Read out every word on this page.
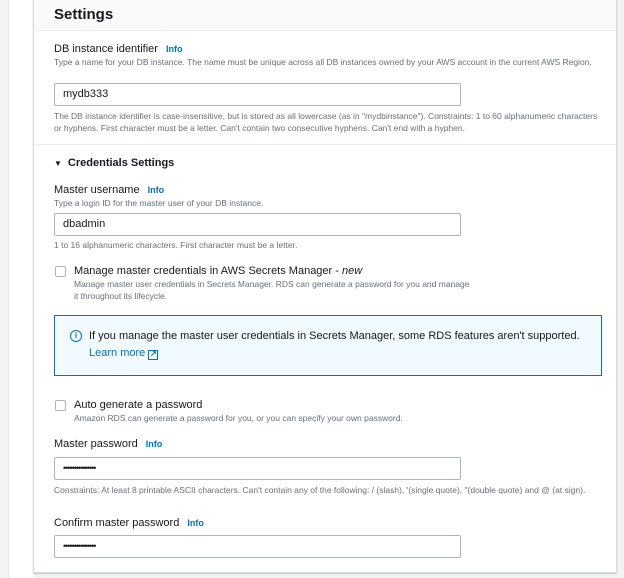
Settings
DB instance identifier Info
Type a name for your DB instance. The name must be unique across all DB instances owned by your AWS account in the current AWS Region.
mydb333
The DB instance identifier is case-insensitive, but is stored as all lowercase (as in "mydbinstance"). Constraints: 1 to 60 alphanumeric characters or hyphens. First character must be a letter. Can't contain two consecutive hyphens. Can't end with a hyphen.
▼ Credentials Settings
Master username Info
Type a login ID for the master user of your DB instance.
dbadmin
1 to 16 alphanumeric characters. First character must be a letter.
Manage master credentials in AWS Secrets Manager - new
Manage master user credentials in Secrets Manager. RDS can generate a password for you and manage it throughout its lifecycle.
i	If you manage the master user credentials in Secrets Manager, some RDS features aren't supported.
Learn more ↗
Auto generate a password
Amazon RDS can generate a password for you, or you can specify your own password.
Master password Info
•••••••••••••••
Constraints: At least 8 printable ASCII characters. Can't contain any of the following: / (slash), '(single quote), "(double quote) and @ (at sign).
Confirm master password Info
•••••••••••••••
